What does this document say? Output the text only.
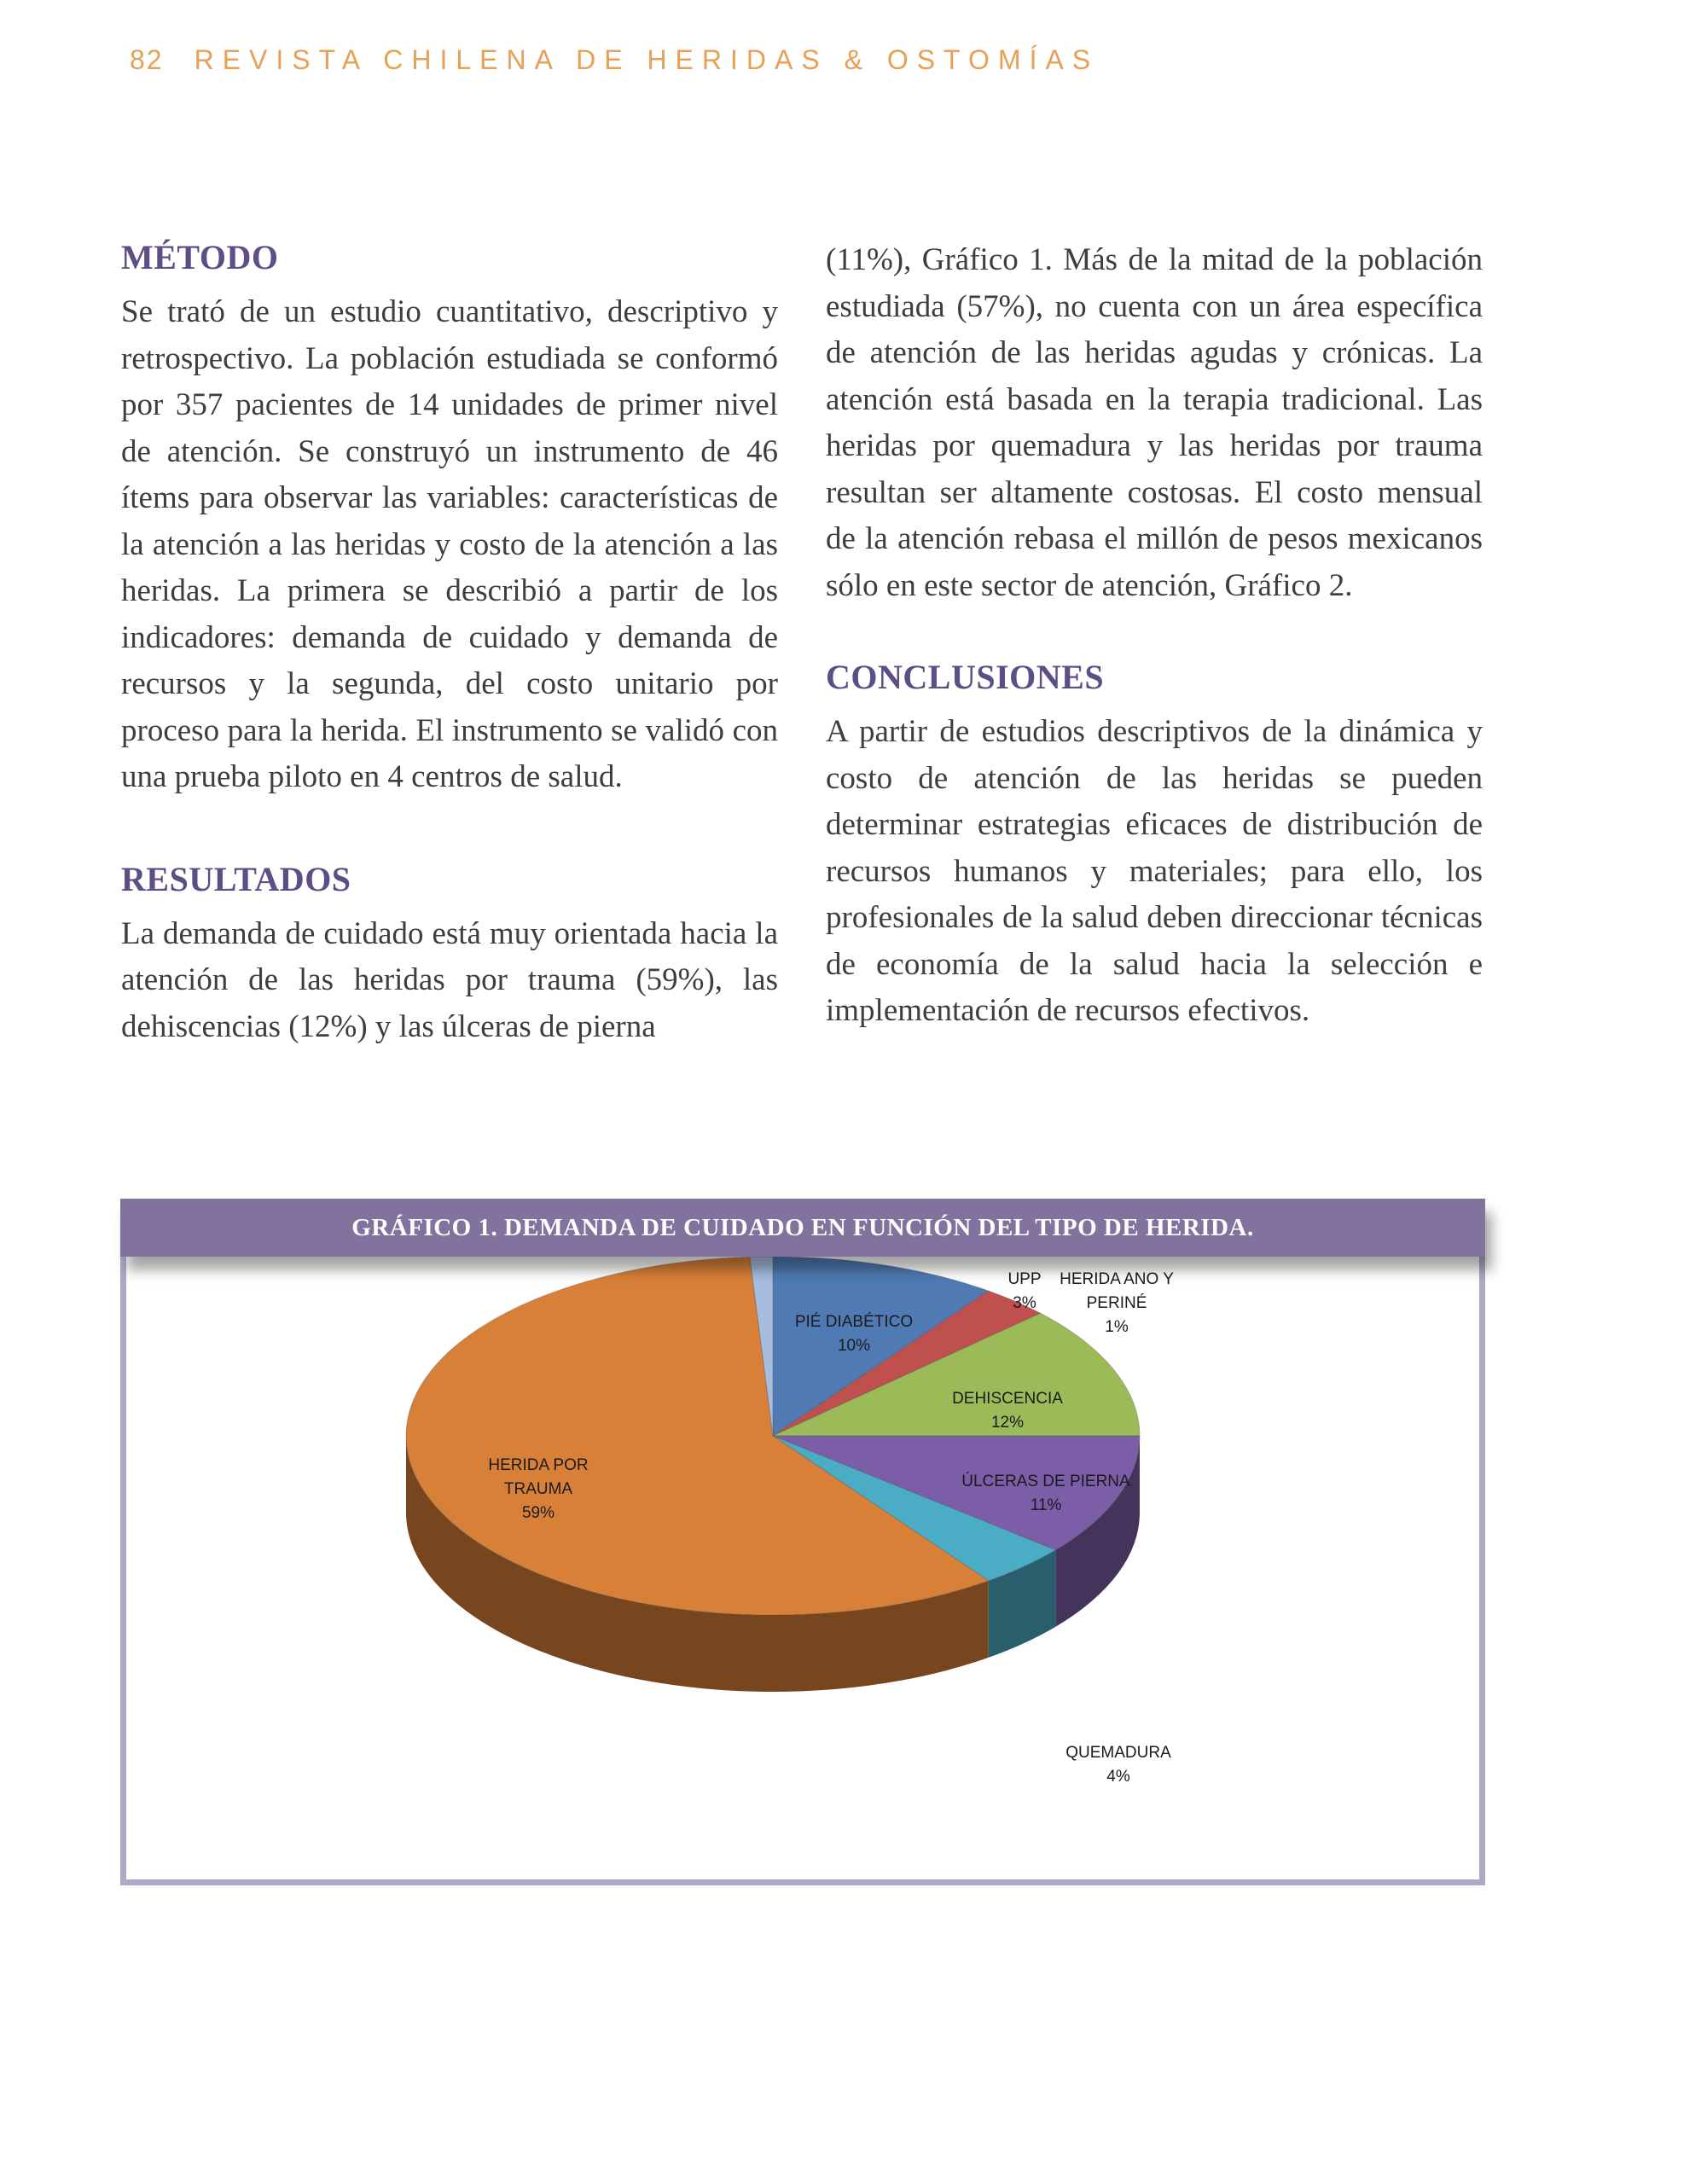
82 REVISTA CHILENA DE HERIDAS & OSTOMÍAS
MÉTODO

Se trató de un estudio cuantitativo, descriptivo y retrospectivo. La población estudiada se conformó por 357 pacientes de 14 unidades de primer nivel de atención. Se construyó un instrumento de 46 ítems para observar las variables: características de la atención a las heridas y costo de la atención a las heridas. La primera se describió a partir de los indicadores: demanda de cuidado y demanda de recursos y la segunda, del costo unitario por proceso para la herida. El instrumento se validó con una prueba piloto en 4 centros de salud.

RESULTADOS

La demanda de cuidado está muy orientada hacia la atención de las heridas por trauma (59%), las dehiscencias (12%) y las úlceras de pierna

(11%), Gráfico 1. Más de la mitad de la población estudiada (57%), no cuenta con un área específica de atención de las heridas agudas y crónicas. La atención está basada en la terapia tradicional. Las heridas por quemadura y las heridas por trauma resultan ser altamente costosas. El costo mensual de la atención rebasa el millón de pesos mexicanos sólo en este sector de atención, Gráfico 2.

CONCLUSIONES

A partir de estudios descriptivos de la dinámica y costo de atención de las heridas se pueden determinar estrategias eficaces de distribución de recursos humanos y materiales; para ello, los profesionales de la salud deben direccionar técnicas de economía de la salud hacia la selección e implementación de recursos efectivos.

GRÁFICO 1. DEMANDA DE CUIDADO EN FUNCIÓN DEL TIPO DE HERIDA.
PIÉ DIABÉTICO 10%
UPP 3%
DEHISCENCIA 12%
ÚLCERAS DE PIERNA 11%
QUEMADURA 4%
HERIDA POR TRAUMA 59%
HERIDA ANO Y PERINÉ 1%
